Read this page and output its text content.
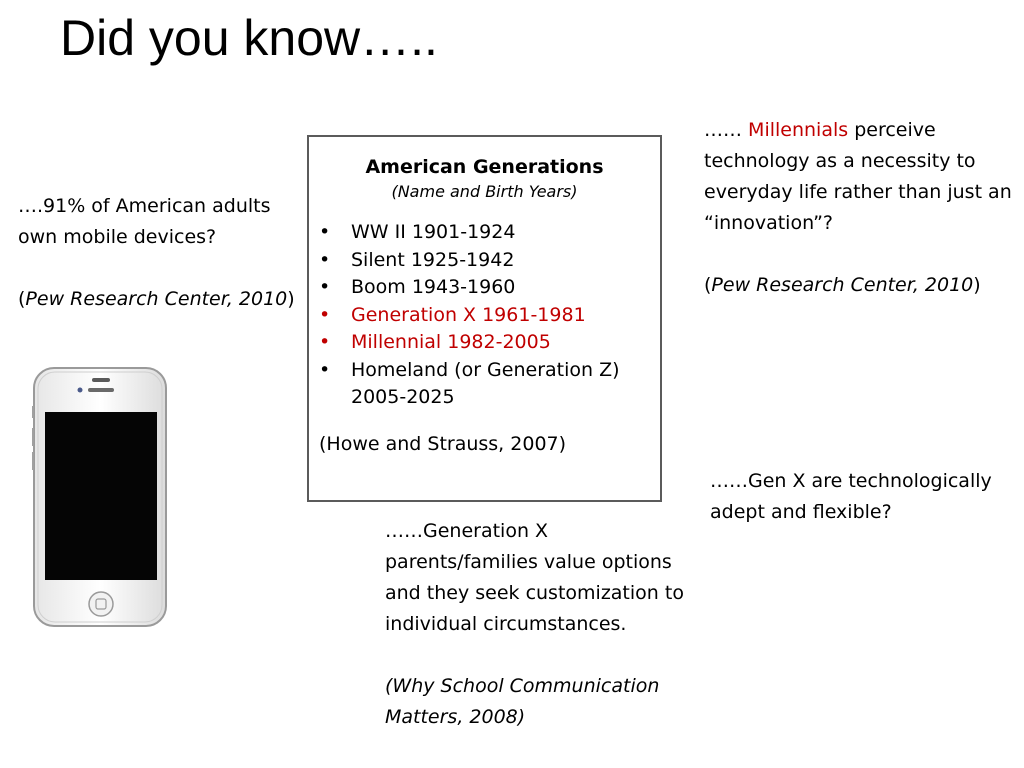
Did you know…..

….91% of American adults own mobile devices?

(Pew Research Center, 2010)

…… Millennials perceive technology as a necessity to everyday life rather than just an “innovation”?

(Pew Research Center, 2010)

American Generations
(Name and Birth Years)
• WW II 1901-1924
• Silent 1925-1942
• Boom 1943-1960
• Generation X 1961-1981
• Millennial 1982-2005
• Homeland (or Generation Z) 2005-2025
(Howe and Strauss, 2007)

……Gen X are technologically adept and flexible?

……Generation X parents/families value options and they seek customization to individual circumstances.

(Why School Communication Matters, 2008)
